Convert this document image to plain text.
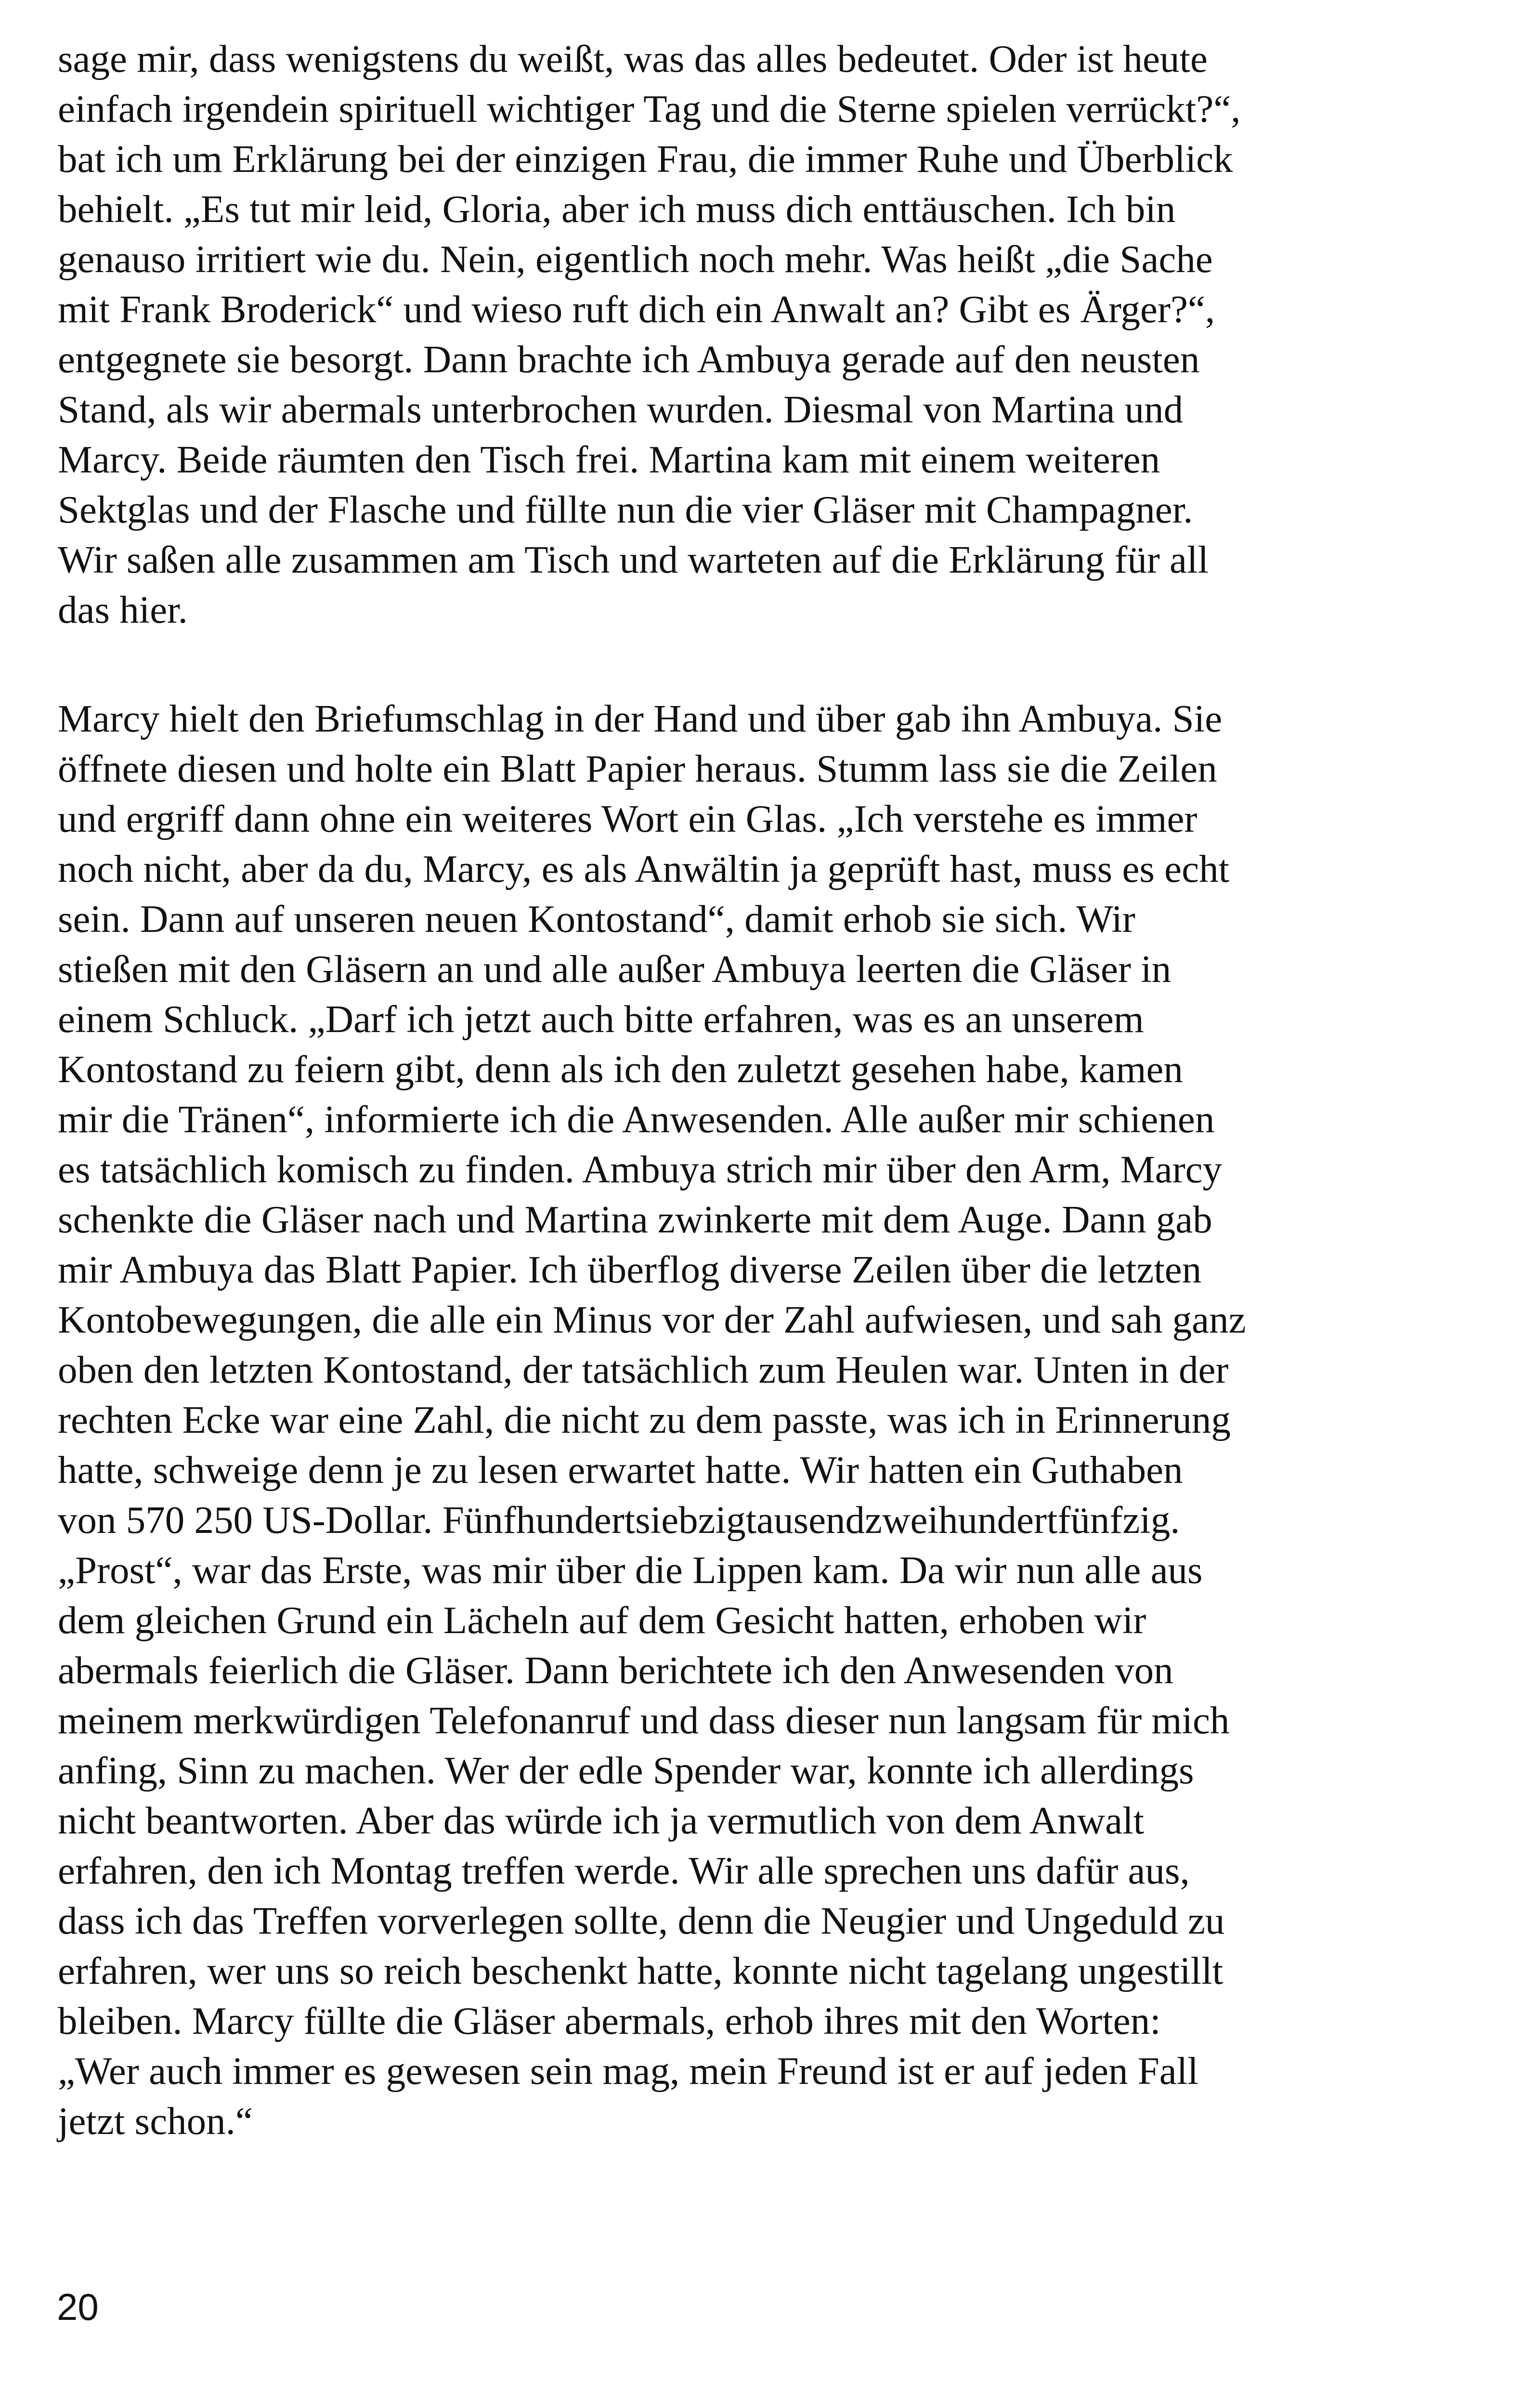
sage mir, dass wenigstens du weißt, was das alles bedeutet. Oder ist heute
einfach irgendein spirituell wichtiger Tag und die Sterne spielen verrückt?“,
bat ich um Erklärung bei der einzigen Frau, die immer Ruhe und Überblick
behielt. „Es tut mir leid, Gloria, aber ich muss dich enttäuschen. Ich bin
genauso irritiert wie du. Nein, eigentlich noch mehr. Was heißt „die Sache
mit Frank Broderick“ und wieso ruft dich ein Anwalt an? Gibt es Ärger?“,
entgegnete sie besorgt. Dann brachte ich Ambuya gerade auf den neusten
Stand, als wir abermals unterbrochen wurden. Diesmal von Martina und
Marcy. Beide räumten den Tisch frei. Martina kam mit einem weiteren
Sektglas und der Flasche und füllte nun die vier Gläser mit Champagner.
Wir saßen alle zusammen am Tisch und warteten auf die Erklärung für all
das hier.

Marcy hielt den Briefumschlag in der Hand und über gab ihn Ambuya. Sie
öffnete diesen und holte ein Blatt Papier heraus. Stumm lass sie die Zeilen
und ergriff dann ohne ein weiteres Wort ein Glas. „Ich verstehe es immer
noch nicht, aber da du, Marcy, es als Anwältin ja geprüft hast, muss es echt
sein. Dann auf unseren neuen Kontostand“, damit erhob sie sich. Wir
stießen mit den Gläsern an und alle außer Ambuya leerten die Gläser in
einem Schluck. „Darf ich jetzt auch bitte erfahren, was es an unserem
Kontostand zu feiern gibt, denn als ich den zuletzt gesehen habe, kamen
mir die Tränen“, informierte ich die Anwesenden. Alle außer mir schienen
es tatsächlich komisch zu finden. Ambuya strich mir über den Arm, Marcy
schenkte die Gläser nach und Martina zwinkerte mit dem Auge. Dann gab
mir Ambuya das Blatt Papier. Ich überflog diverse Zeilen über die letzten
Kontobewegungen, die alle ein Minus vor der Zahl aufwiesen, und sah ganz
oben den letzten Kontostand, der tatsächlich zum Heulen war. Unten in der
rechten Ecke war eine Zahl, die nicht zu dem passte, was ich in Erinnerung
hatte, schweige denn je zu lesen erwartet hatte. Wir hatten ein Guthaben
von 570 250 US-Dollar. Fünfhundertsiebzigtausendzweihundertfünfzig.
„Prost“, war das Erste, was mir über die Lippen kam. Da wir nun alle aus
dem gleichen Grund ein Lächeln auf dem Gesicht hatten, erhoben wir
abermals feierlich die Gläser. Dann berichtete ich den Anwesenden von
meinem merkwürdigen Telefonanruf und dass dieser nun langsam für mich
anfing, Sinn zu machen. Wer der edle Spender war, konnte ich allerdings
nicht beantworten. Aber das würde ich ja vermutlich von dem Anwalt
erfahren, den ich Montag treffen werde. Wir alle sprechen uns dafür aus,
dass ich das Treffen vorverlegen sollte, denn die Neugier und Ungeduld zu
erfahren, wer uns so reich beschenkt hatte, konnte nicht tagelang ungestillt
bleiben. Marcy füllte die Gläser abermals, erhob ihres mit den Worten:
„Wer auch immer es gewesen sein mag, mein Freund ist er auf jeden Fall
jetzt schon.“

20
